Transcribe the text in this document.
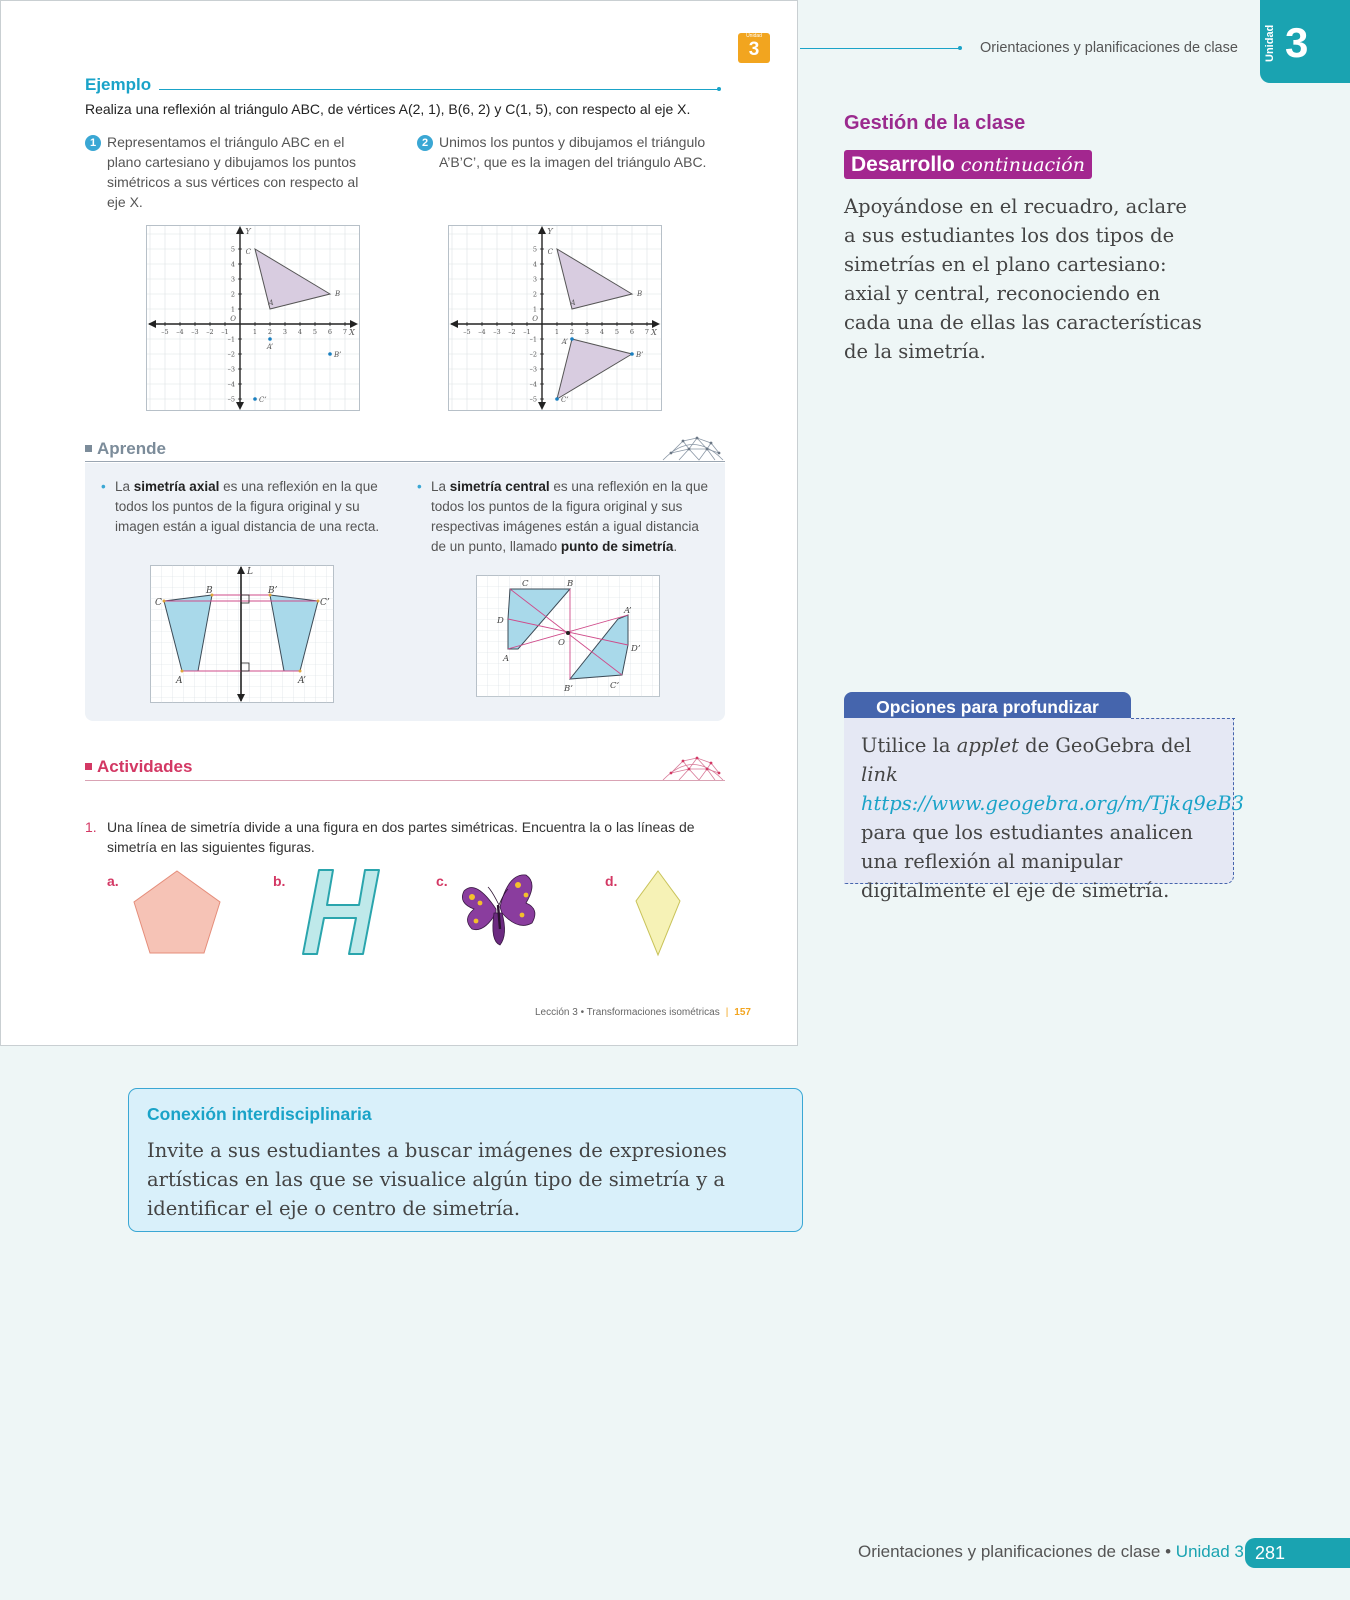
Unidad
3
Ejemplo
Realiza una reflexión al triángulo ABC, de vértices A(2, 1), B(6, 2) y C(1, 5), con respecto al eje X.
1 Representamos el triángulo ABC en el plano cartesiano y dibujamos los puntos simétricos a sus vértices con respecto al eje X.
2 Unimos los puntos y dibujamos el triángulo A’B’C’, que es la imagen del triángulo ABC.
–5 –4 –3 –2 –1	1 2 3 4 5 6 7
5
4
3
2
1
–1
–2
–3
–4
–5
O
X
Y
A
B
C
A’
B’
C’
–5 –4 –3 –2 –1	1 2 3 4 5 6 7
5
4
3
2
1
–1
–2
–3
–4
–5
O
X
Y
A
B
C
A’
B’
C’
Aprende
• La simetría axial es una reflexión en la que todos los puntos de la figura original y su imagen están a igual distancia de una recta.
• La simetría central es una reflexión en la que todos los puntos de la figura original y sus respectivas imágenes están a igual distancia de un punto, llamado punto de simetría.
L
B	B’
C	C’
A	A’
C	B
D
A
O
A’
D’
B’	C’
Actividades
1. Una línea de simetría divide a una figura en dos partes simétricas. Encuentra la o las líneas de simetría en las siguientes figuras.
a.	b.	c.	d.
Lección 3 • Transformaciones isométricas | 157
Orientaciones y planificaciones de clase Unidad 3
Gestión de la clase
Desarrollo continuación
Apoyándose en el recuadro, aclare a sus estudiantes los dos tipos de simetrías en el plano cartesiano: axial y central, reconociendo en cada una de ellas las características de la simetría.
Opciones para profundizar
Utilice la applet de GeoGebra del link
https://www.geogebra.org/m/Tjkq9eB3
para que los estudiantes analicen una reflexión al manipular digitalmente el eje de simetría.
Conexión interdisciplinaria
Invite a sus estudiantes a buscar imágenes de expresiones artísticas en las que se visualice algún tipo de simetría y a identificar el eje o centro de simetría.
Orientaciones y planificaciones de clase • Unidad 3 281
